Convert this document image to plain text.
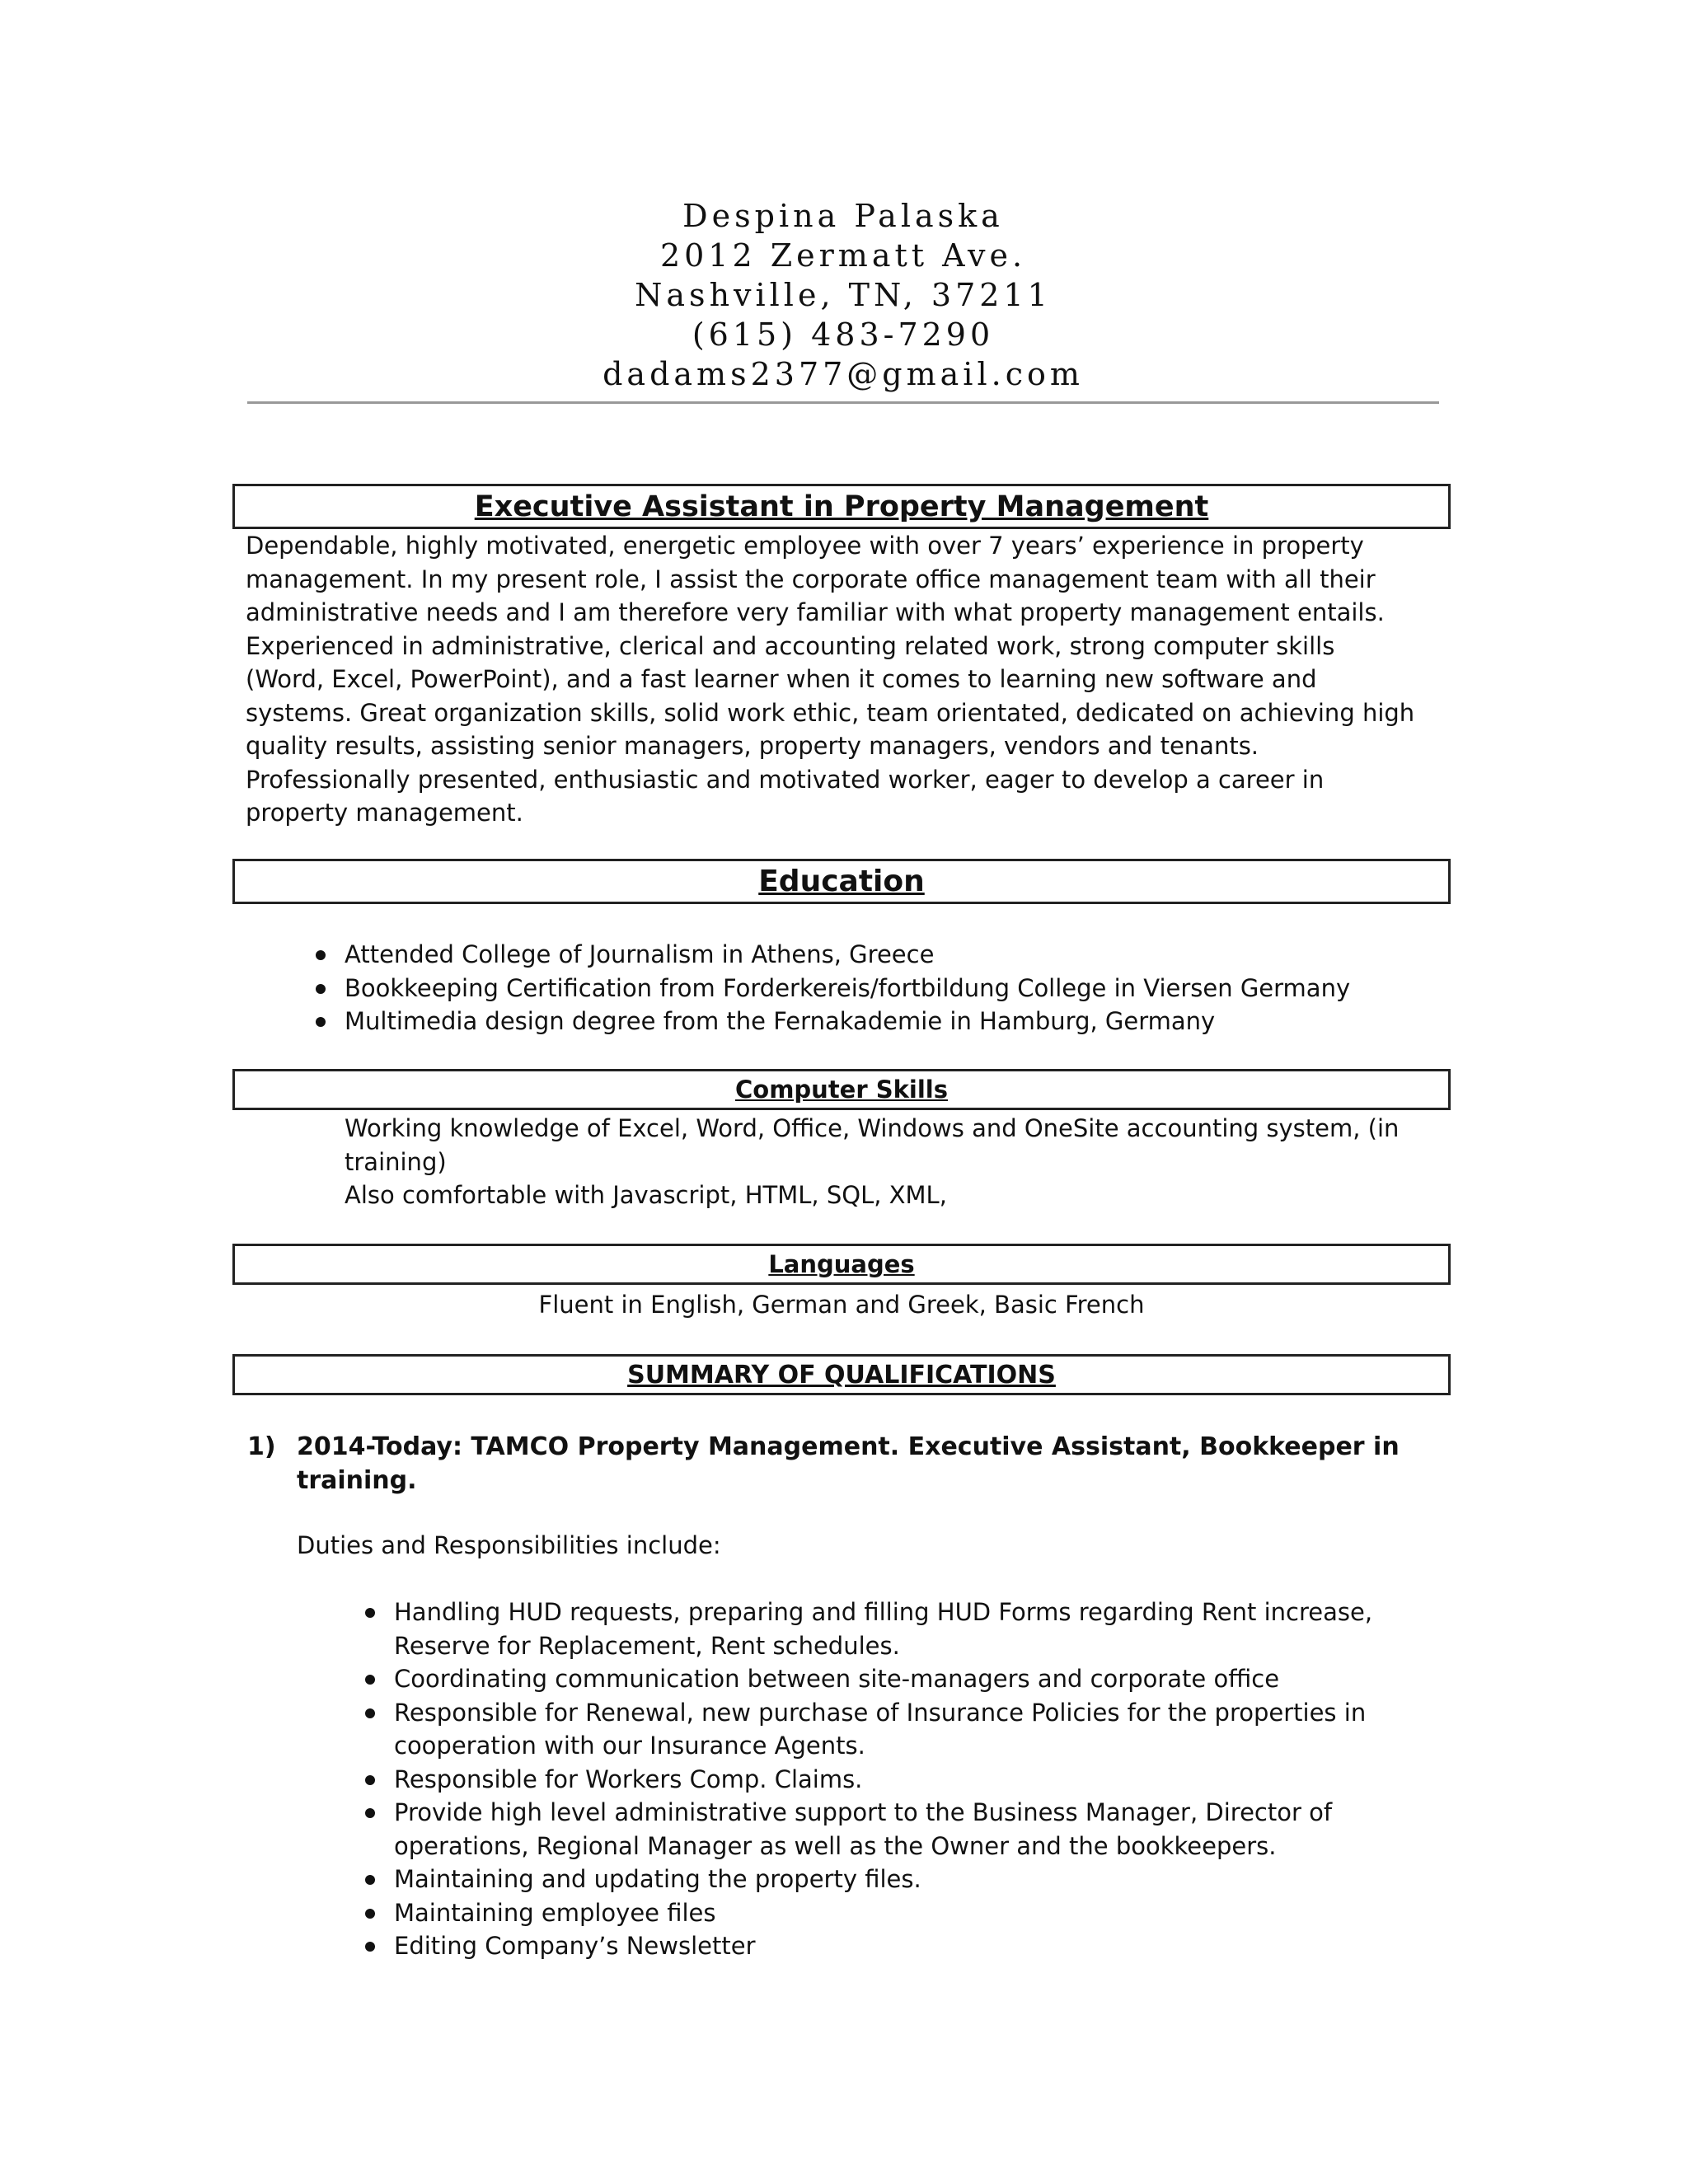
Despina Palaska
2012 Zermatt Ave.
Nashville, TN, 37211
(615) 483-7290
dadams2377@gmail.com
Executive Assistant in Property Management
Dependable, highly motivated, energetic employee with over 7 years’ experience in property
management. In my present role, I assist the corporate office management team with all their
administrative needs and I am therefore very familiar with what property management entails.
Experienced in administrative, clerical and accounting related work, strong computer skills
(Word, Excel, PowerPoint), and a fast learner when it comes to learning new software and
systems. Great organization skills, solid work ethic, team orientated, dedicated on achieving high
quality results, assisting senior managers, property managers, vendors and tenants.
Professionally presented, enthusiastic and motivated worker, eager to develop a career in
property management.
Education
Attended College of Journalism in Athens, Greece
Bookkeeping Certification from Forderkereis/fortbildung College in Viersen Germany
Multimedia design degree from the Fernakademie in Hamburg, Germany
Computer Skills
Working knowledge of Excel, Word, Office, Windows and OneSite accounting system, (in
training)
Also comfortable with Javascript, HTML, SQL, XML,
Languages
Fluent in English, German and Greek, Basic French
SUMMARY OF QUALIFICATIONS
1) 2014-Today: TAMCO Property Management. Executive Assistant, Bookkeeper in
training.
Duties and Responsibilities include:
Handling HUD requests, preparing and filling HUD Forms regarding Rent increase,
Reserve for Replacement, Rent schedules.
Coordinating communication between site-managers and corporate office
Responsible for Renewal, new purchase of Insurance Policies for the properties in
cooperation with our Insurance Agents.
Responsible for Workers Comp. Claims.
Provide high level administrative support to the Business Manager, Director of
operations, Regional Manager as well as the Owner and the bookkeepers.
Maintaining and updating the property files.
Maintaining employee files
Editing Company’s Newsletter
